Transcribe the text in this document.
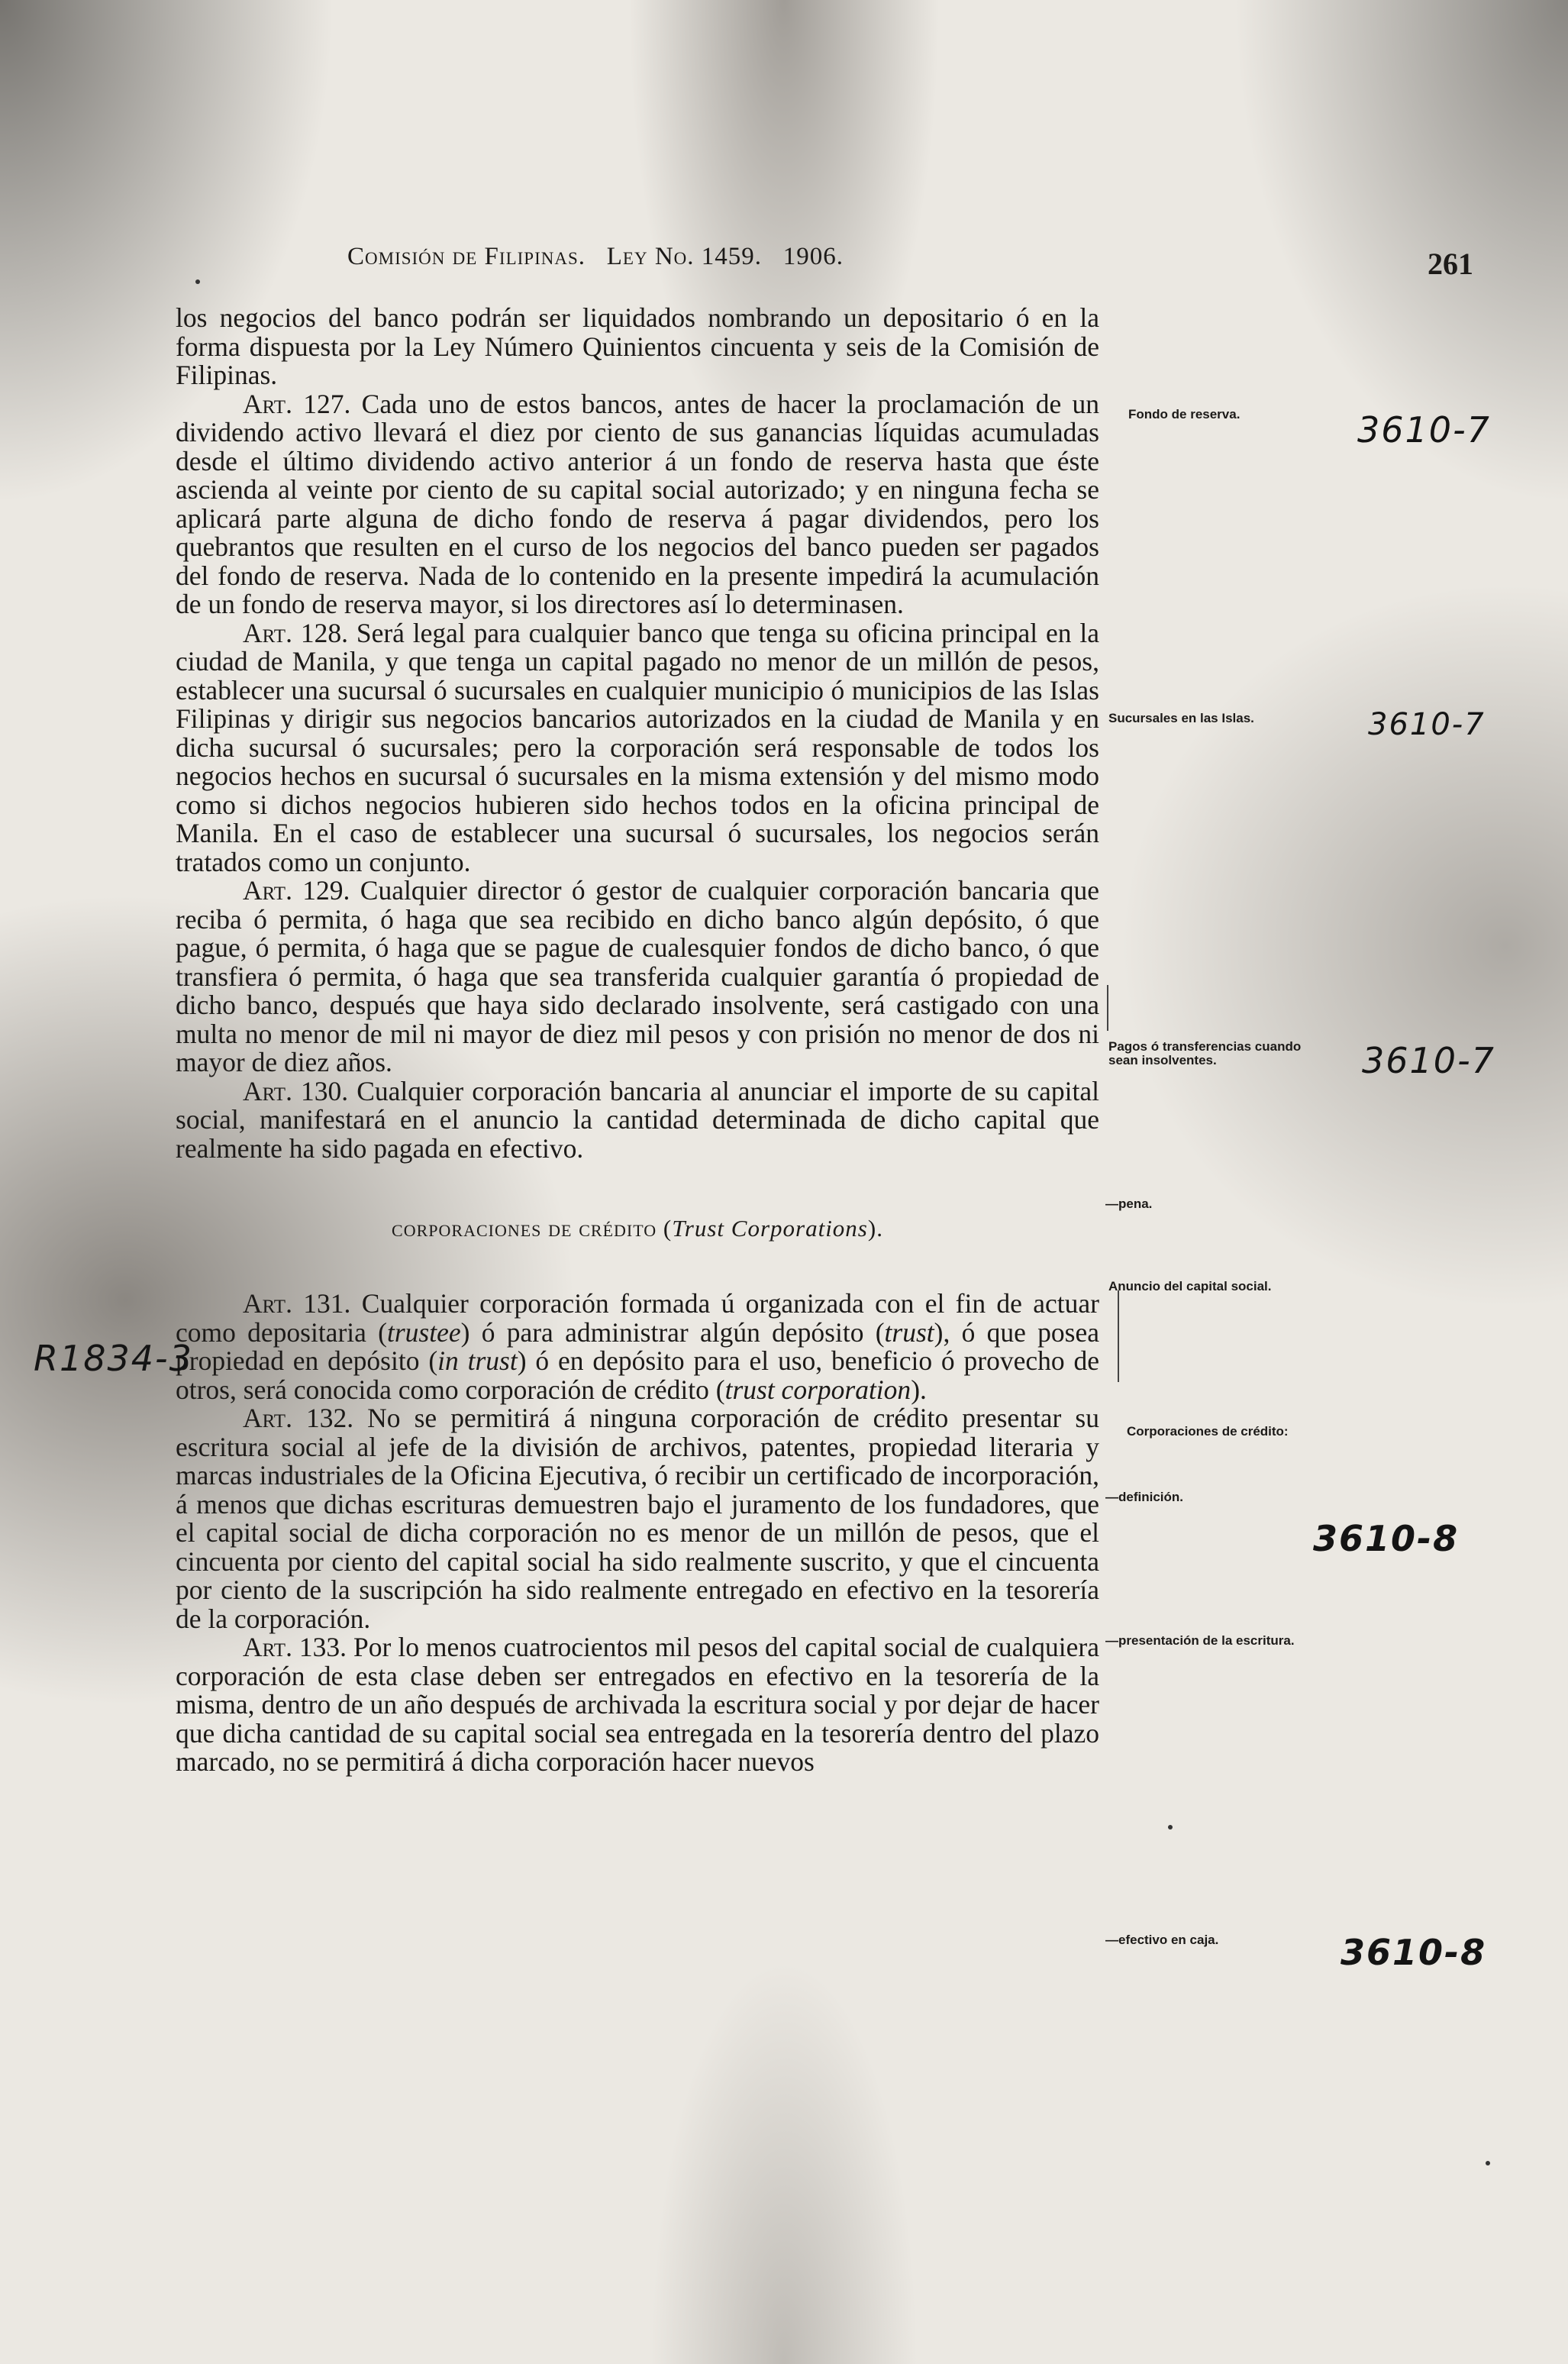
Comisión de Filipinas. Ley No. 1459. 1906.	261

los negocios del banco podrán ser liquidados nombrando un depositario ó en la forma dispuesta por la Ley Número Quinientos cincuenta y seis de la Comisión de Filipinas.

Art. 127. Cada uno de estos bancos, antes de hacer la proclamación de un dividendo activo llevará el diez por ciento de sus ganancias líquidas acumuladas desde el último dividendo activo anterior á un fondo de reserva hasta que éste ascienda al veinte por ciento de su capital social autorizado; y en ninguna fecha se aplicará parte alguna de dicho fondo de reserva á pagar dividendos, pero los quebrantos que resulten en el curso de los negocios del banco pueden ser pagados del fondo de reserva. Nada de lo contenido en la presente impedirá la acumulación de un fondo de reserva mayor, si los directores así lo determinasen.

Art. 128. Será legal para cualquier banco que tenga su oficina principal en la ciudad de Manila, y que tenga un capital pagado no menor de un millón de pesos, establecer una sucursal ó sucursales en cualquier municipio ó municipios de las Islas Filipinas y dirigir sus negocios bancarios autorizados en la ciudad de Manila y en dicha sucursal ó sucursales; pero la corporación será responsable de todos los negocios hechos en sucursal ó sucursales en la misma extensión y del mismo modo como si dichos negocios hubieren sido hechos todos en la oficina principal de Manila. En el caso de establecer una sucursal ó sucursales, los negocios serán tratados como un conjunto.

Art. 129. Cualquier director ó gestor de cualquier corporación bancaria que reciba ó permita, ó haga que sea recibido en dicho banco algún depósito, ó que pague, ó permita, ó haga que se pague de cualesquier fondos de dicho banco, ó que transfiera ó permita, ó haga que sea transferida cualquier garantía ó propiedad de dicho banco, después que haya sido declarado insolvente, será castigado con una multa no menor de mil ni mayor de diez mil pesos y con prisión no menor de dos ni mayor de diez años.

Art. 130. Cualquier corporación bancaria al anunciar el importe de su capital social, manifestará en el anuncio la cantidad determinada de dicho capital que realmente ha sido pagada en efectivo.

corporaciones de crédito (Trust Corporations).

Art. 131. Cualquier corporación formada ú organizada con el fin de actuar como depositaria (trustee) ó para administrar algún depósito (trust), ó que posea propiedad en depósito (in trust) ó en depósito para el uso, beneficio ó provecho de otros, será conocida como corporación de crédito (trust corporation).

Art. 132. No se permitirá á ninguna corporación de crédito presentar su escritura social al jefe de la división de archivos, patentes, propiedad literaria y marcas industriales de la Oficina Ejecutiva, ó recibir un certificado de incorporación, á menos que dichas escrituras demuestren bajo el juramento de los fundadores, que el capital social de dicha corporación no es menor de un millón de pesos, que el cincuenta por ciento del capital social ha sido realmente suscrito, y que el cincuenta por ciento de la suscripción ha sido realmente entregado en efectivo en la tesorería de la corporación.

Art. 133. Por lo menos cuatrocientos mil pesos del capital social de cualquiera corporación de esta clase deben ser entregados en efectivo en la tesorería de la misma, dentro de un año después de archivada la escritura social y por dejar de hacer que dicha cantidad de su capital social sea entregada en la tesorería dentro del plazo marcado, no se permitirá á dicha corporación hacer nuevos

Fondo de reserva.
Sucursales en las Islas.
Pagos ó transferencias cuando sean insolventes.
—pena.
Anuncio del capital social.
Corporaciones de crédito:
—definición.
—presentación de la escritura.
—efectivo en caja.
3610-7
3610-7
3610-7
3610-8
3610-8
R1834-3
